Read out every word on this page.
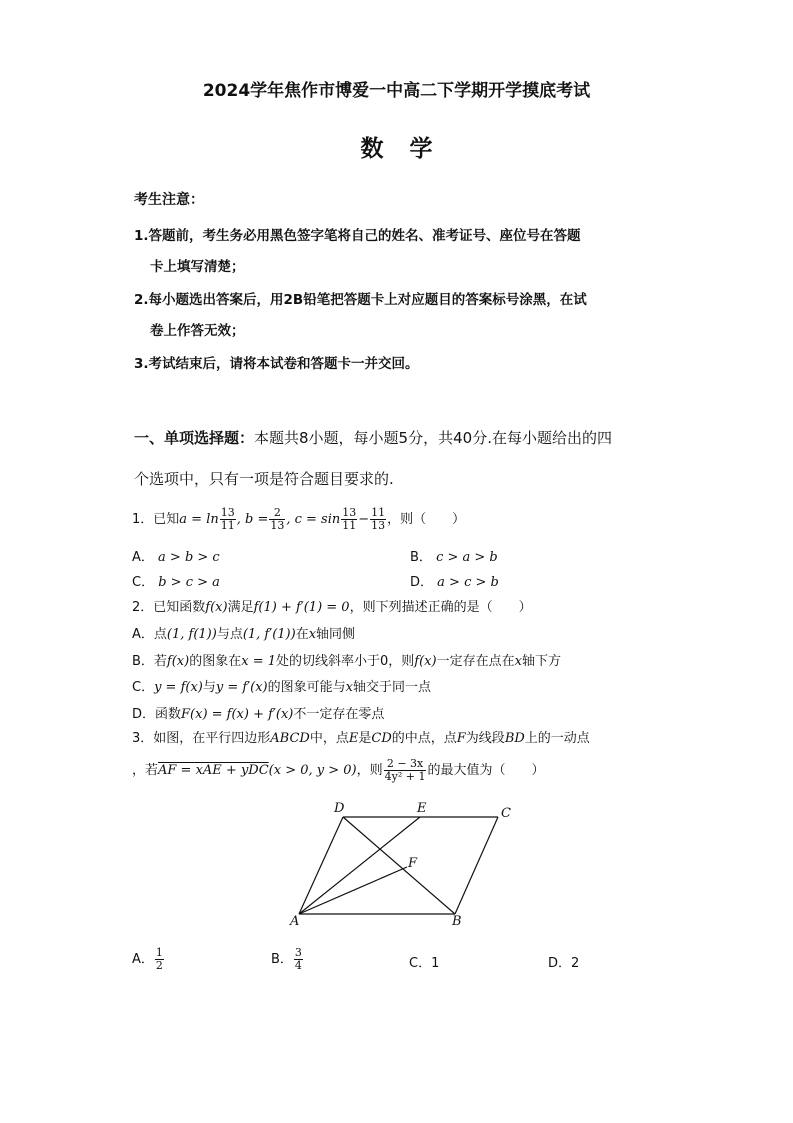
2024学年焦作市博爱一中高二下学期开学摸底考试
数学
考生注意：
1.答题前，考生务必用黑色签字笔将自己的姓名、准考证号、座位号在答题
卡上填写清楚；
2.每小题选出答案后，用2B铅笔把答题卡上对应题目的答案标号涂黑，在试
卷上作答无效；
3.考试结束后，请将本试卷和答题卡一并交回。
一、单项选择题：本题共8小题，每小题5分，共40分.在每小题给出的四
个选项中，只有一项是符合题目要求的.
1．已知$a = \ln \frac{13}{11}$ , $b = \frac{2}{13}$ , $c = \sin \frac{13}{11} - \frac{11}{13}$ ，则（　　）
A． a > b > c	B． c > a > b
C． b > c > a	D． a > c > b
2．已知函数f(x)满足f(1) + f′(1) = 0，则下列描述正确的是（　　）
A．点(1, f(1))与点(1, f′(1))在x轴同侧
B．若f(x)的图象在x = 1处的切线斜率小于0，则f(x)一定存在点在x轴下方
C．y = f(x)与y = f′(x)的图象可能与x轴交于同一点
D．函数F(x) = f(x) + f′(x)不一定存在零点
3．如图，在平行四边形ABCD中，点E是CD的中点，点F为线段BD上的一动点
，若AF = xAE + yDC(x > 0, y > 0)，则 $\frac{2 - 3x}{\text{4y² + 1}}$ 的最大值为（　　）
A	B
C
D	E
F
A． $\frac{1}{2}$	B． $\frac{3}{4}$	C．1	D．2
